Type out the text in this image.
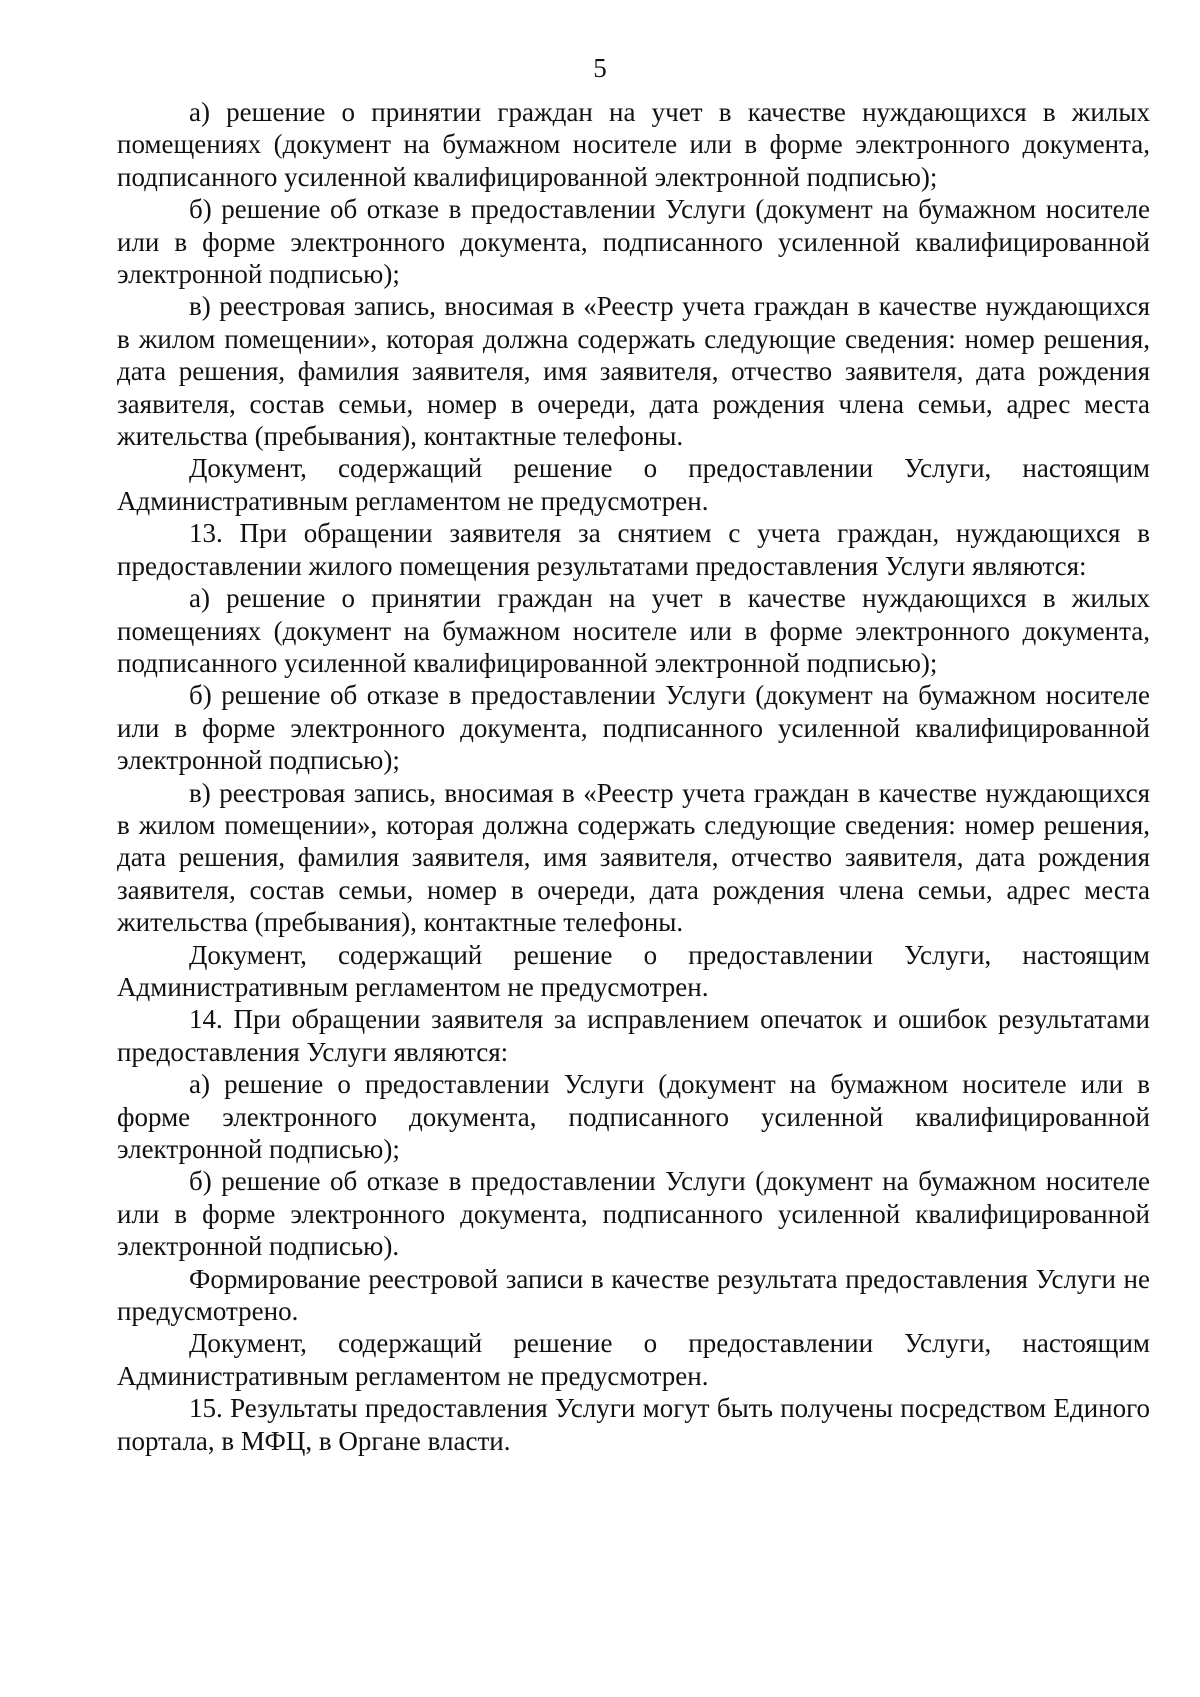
5

а) решение о принятии граждан на учет в качестве нуждающихся в жилых помещениях (документ на бумажном носителе или в форме электронного документа, подписанного усиленной квалифицированной электронной подписью);

б) решение об отказе в предоставлении Услуги (документ на бумажном носителе или в форме электронного документа, подписанного усиленной квалифицированной электронной подписью);

в) реестровая запись, вносимая в «Реестр учета граждан в качестве нуждающихся в жилом помещении», которая должна содержать следующие сведения: номер решения, дата решения, фамилия заявителя, имя заявителя, отчество заявителя, дата рождения заявителя, состав семьи, номер в очереди, дата рождения члена семьи, адрес места жительства (пребывания), контактные телефоны.

Документ, содержащий решение о предоставлении Услуги, настоящим Административным регламентом не предусмотрен.

13. При обращении заявителя за снятием с учета граждан, нуждающихся в предоставлении жилого помещения результатами предоставления Услуги являются:

а) решение о принятии граждан на учет в качестве нуждающихся в жилых помещениях (документ на бумажном носителе или в форме электронного документа, подписанного усиленной квалифицированной электронной подписью);

б) решение об отказе в предоставлении Услуги (документ на бумажном носителе или в форме электронного документа, подписанного усиленной квалифицированной электронной подписью);

в) реестровая запись, вносимая в «Реестр учета граждан в качестве нуждающихся в жилом помещении», которая должна содержать следующие сведения: номер решения, дата решения, фамилия заявителя, имя заявителя, отчество заявителя, дата рождения заявителя, состав семьи, номер в очереди, дата рождения члена семьи, адрес места жительства (пребывания), контактные телефоны.

Документ, содержащий решение о предоставлении Услуги, настоящим Административным регламентом не предусмотрен.

14. При обращении заявителя за исправлением опечаток и ошибок результатами предоставления Услуги являются:

а) решение о предоставлении Услуги (документ на бумажном носителе или в форме электронного документа, подписанного усиленной квалифицированной электронной подписью);

б) решение об отказе в предоставлении Услуги (документ на бумажном носителе или в форме электронного документа, подписанного усиленной квалифицированной электронной подписью).

Формирование реестровой записи в качестве результата предоставления Услуги не предусмотрено.

Документ, содержащий решение о предоставлении Услуги, настоящим Административным регламентом не предусмотрен.

15. Результаты предоставления Услуги могут быть получены посредством Единого портала, в МФЦ, в Органе власти.
